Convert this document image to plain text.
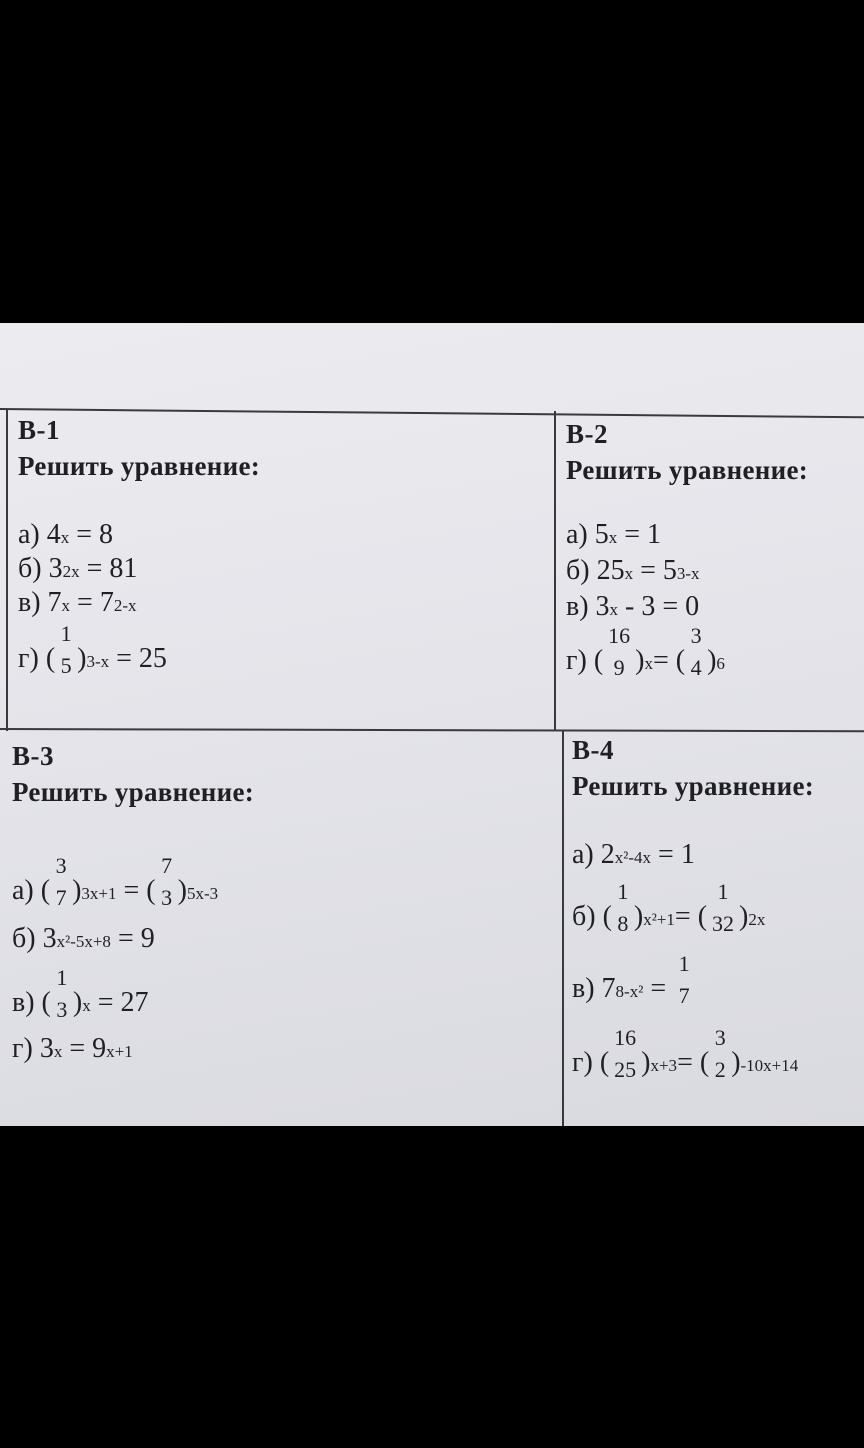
В-1
Решить уравнение:
а) 4x = 8
б) 32x = 81
в) 7x = 72-x
г) (
1
5 )3-x = 25
В-2
Решить уравнение:
а) 5x = 1
б) 25x = 53-x
в) 3x - 3 = 0
г) (
16
9 )x= (
3
4 )6
В-3
Решить уравнение:
а) (
3
7 )3x+1 = (
7
3 )5x-3
б) 3x²-5x+8 = 9
в) (
1
3 )x = 27
г) 3x = 9x+1
В-4
Решить уравнение:
а) 2x²-4x = 1
б) (
1
8 )x²+1= (
1
32 )2x
в) 78-x² =
1
7
г) (
16
25 )x+3= (
3
2 )-10x+14
